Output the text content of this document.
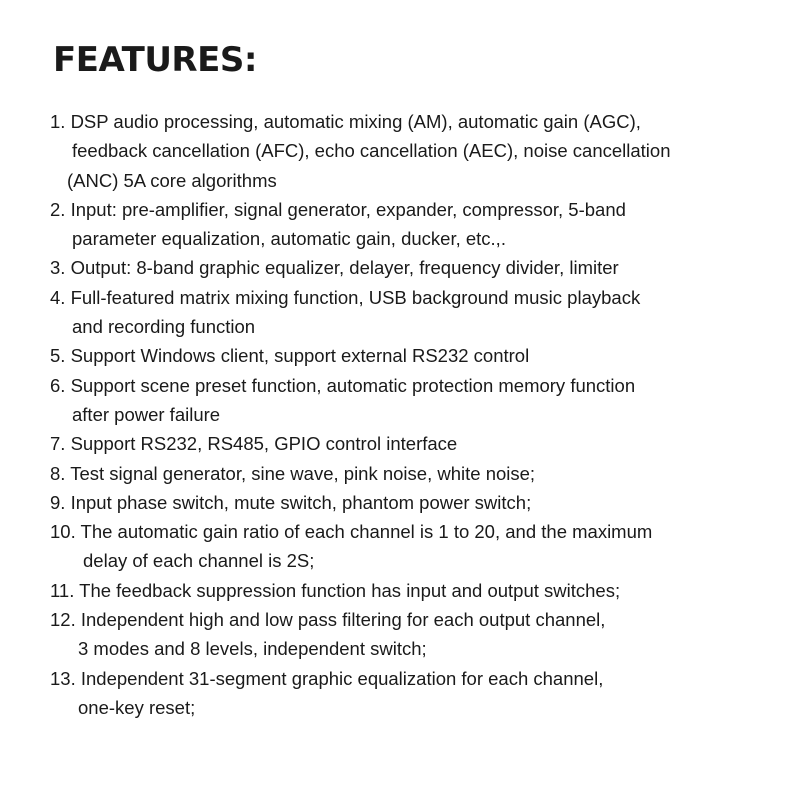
FEATURES:
1. DSP audio processing, automatic mixing (AM), automatic gain (AGC),
feedback cancellation (AFC), echo cancellation (AEC), noise cancellation
(ANC) 5A core algorithms
2. Input: pre-amplifier, signal generator, expander, compressor, 5-band
parameter equalization, automatic gain, ducker, etc.,.
3. Output: 8-band graphic equalizer, delayer, frequency divider, limiter
4. Full-featured matrix mixing function, USB background music playback
and recording function
5. Support Windows client, support external RS232 control
6. Support scene preset function, automatic protection memory function
after power failure
7. Support RS232, RS485, GPIO control interface
8. Test signal generator, sine wave, pink noise, white noise;
9. Input phase switch, mute switch, phantom power switch;
10. The automatic gain ratio of each channel is 1 to 20, and the maximum
delay of each channel is 2S;
11. The feedback suppression function has input and output switches;
12. Independent high and low pass filtering for each output channel,
3 modes and 8 levels, independent switch;
13. Independent 31-segment graphic equalization for each channel,
one-key reset;
